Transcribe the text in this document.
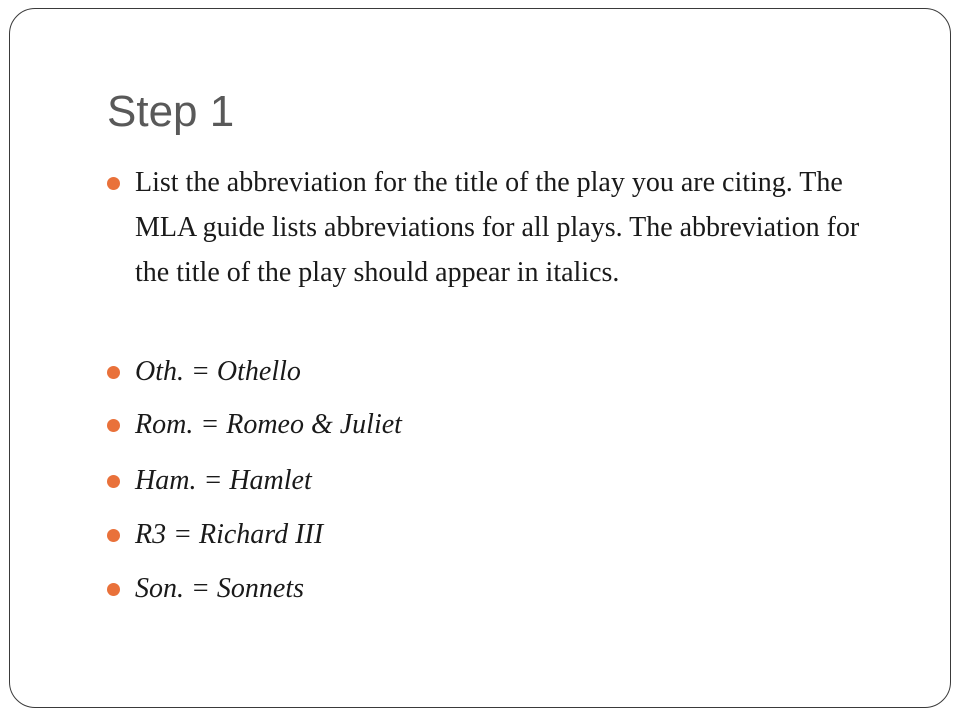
Step 1
List the abbreviation for the title of the play you are citing. The MLA guide lists abbreviations for all plays. The abbreviation for the title of the play should appear in italics.
Oth. = Othello
Rom. = Romeo & Juliet
Ham. = Hamlet
R3 = Richard III
Son. = Sonnets
